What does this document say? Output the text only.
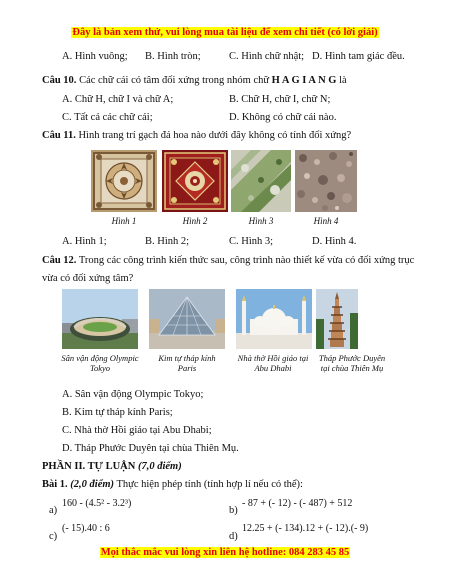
Đây là bản xem thử, vui lòng mua tài liệu để xem chi tiết (có lời giải)
A. Hình vuông; B. Hình tròn;	C. Hình chữ nhật; D. Hình tam giác đều.
Câu 10. Các chữ cái có tâm đối xứng trong nhóm chữ H A G I A N G là
A. Chữ H, chữ I và chữ A;	B. Chữ H, chữ I, chữ N;
C. Tất cả các chữ cái;	D. Không có chữ cái nào.
Câu 11. Hình trang trí gạch đá hoa nào dưới đây không có tính đối xứng?
Hình 1	Hình 2	Hình 3	Hình 4
A. Hình 1;	B. Hình 2;	C. Hình 3;	D. Hình 4.
Câu 12. Trong các công trình kiến thức sau, công trình nào thiết kế vừa có đối xứng trục
vừa có đối xứng tâm?
Sân vận động Olympic Tokyo
Kim tự tháp kính Paris
Nhà thờ Hồi giáo tại Abu Dhabi
Tháp Phước Duyên tại chùa Thiên Mụ
A. Sân vận động Olympic Tokyo;
B. Kim tự tháp kính Paris;
C. Nhà thờ Hồi giáo tại Abu Dhabi;
D. Tháp Phước Duyên tại chùa Thiên Mụ.
PHẦN II. TỰ LUẬN (7,0 điểm)
Bài 1. (2,0 điểm) Thực hiện phép tính (tính hợp lí nếu có thể):
a)
160 - (4.5² - 3.2³)
b)
- 87 + (- 12) - (- 487) + 512
c)
(- 15).40 : 6
d)
12.25 + (- 134).12 + (- 12).(- 9)
Mọi thắc mắc vui lòng xin liên hệ hotline: 084 283 45 85
